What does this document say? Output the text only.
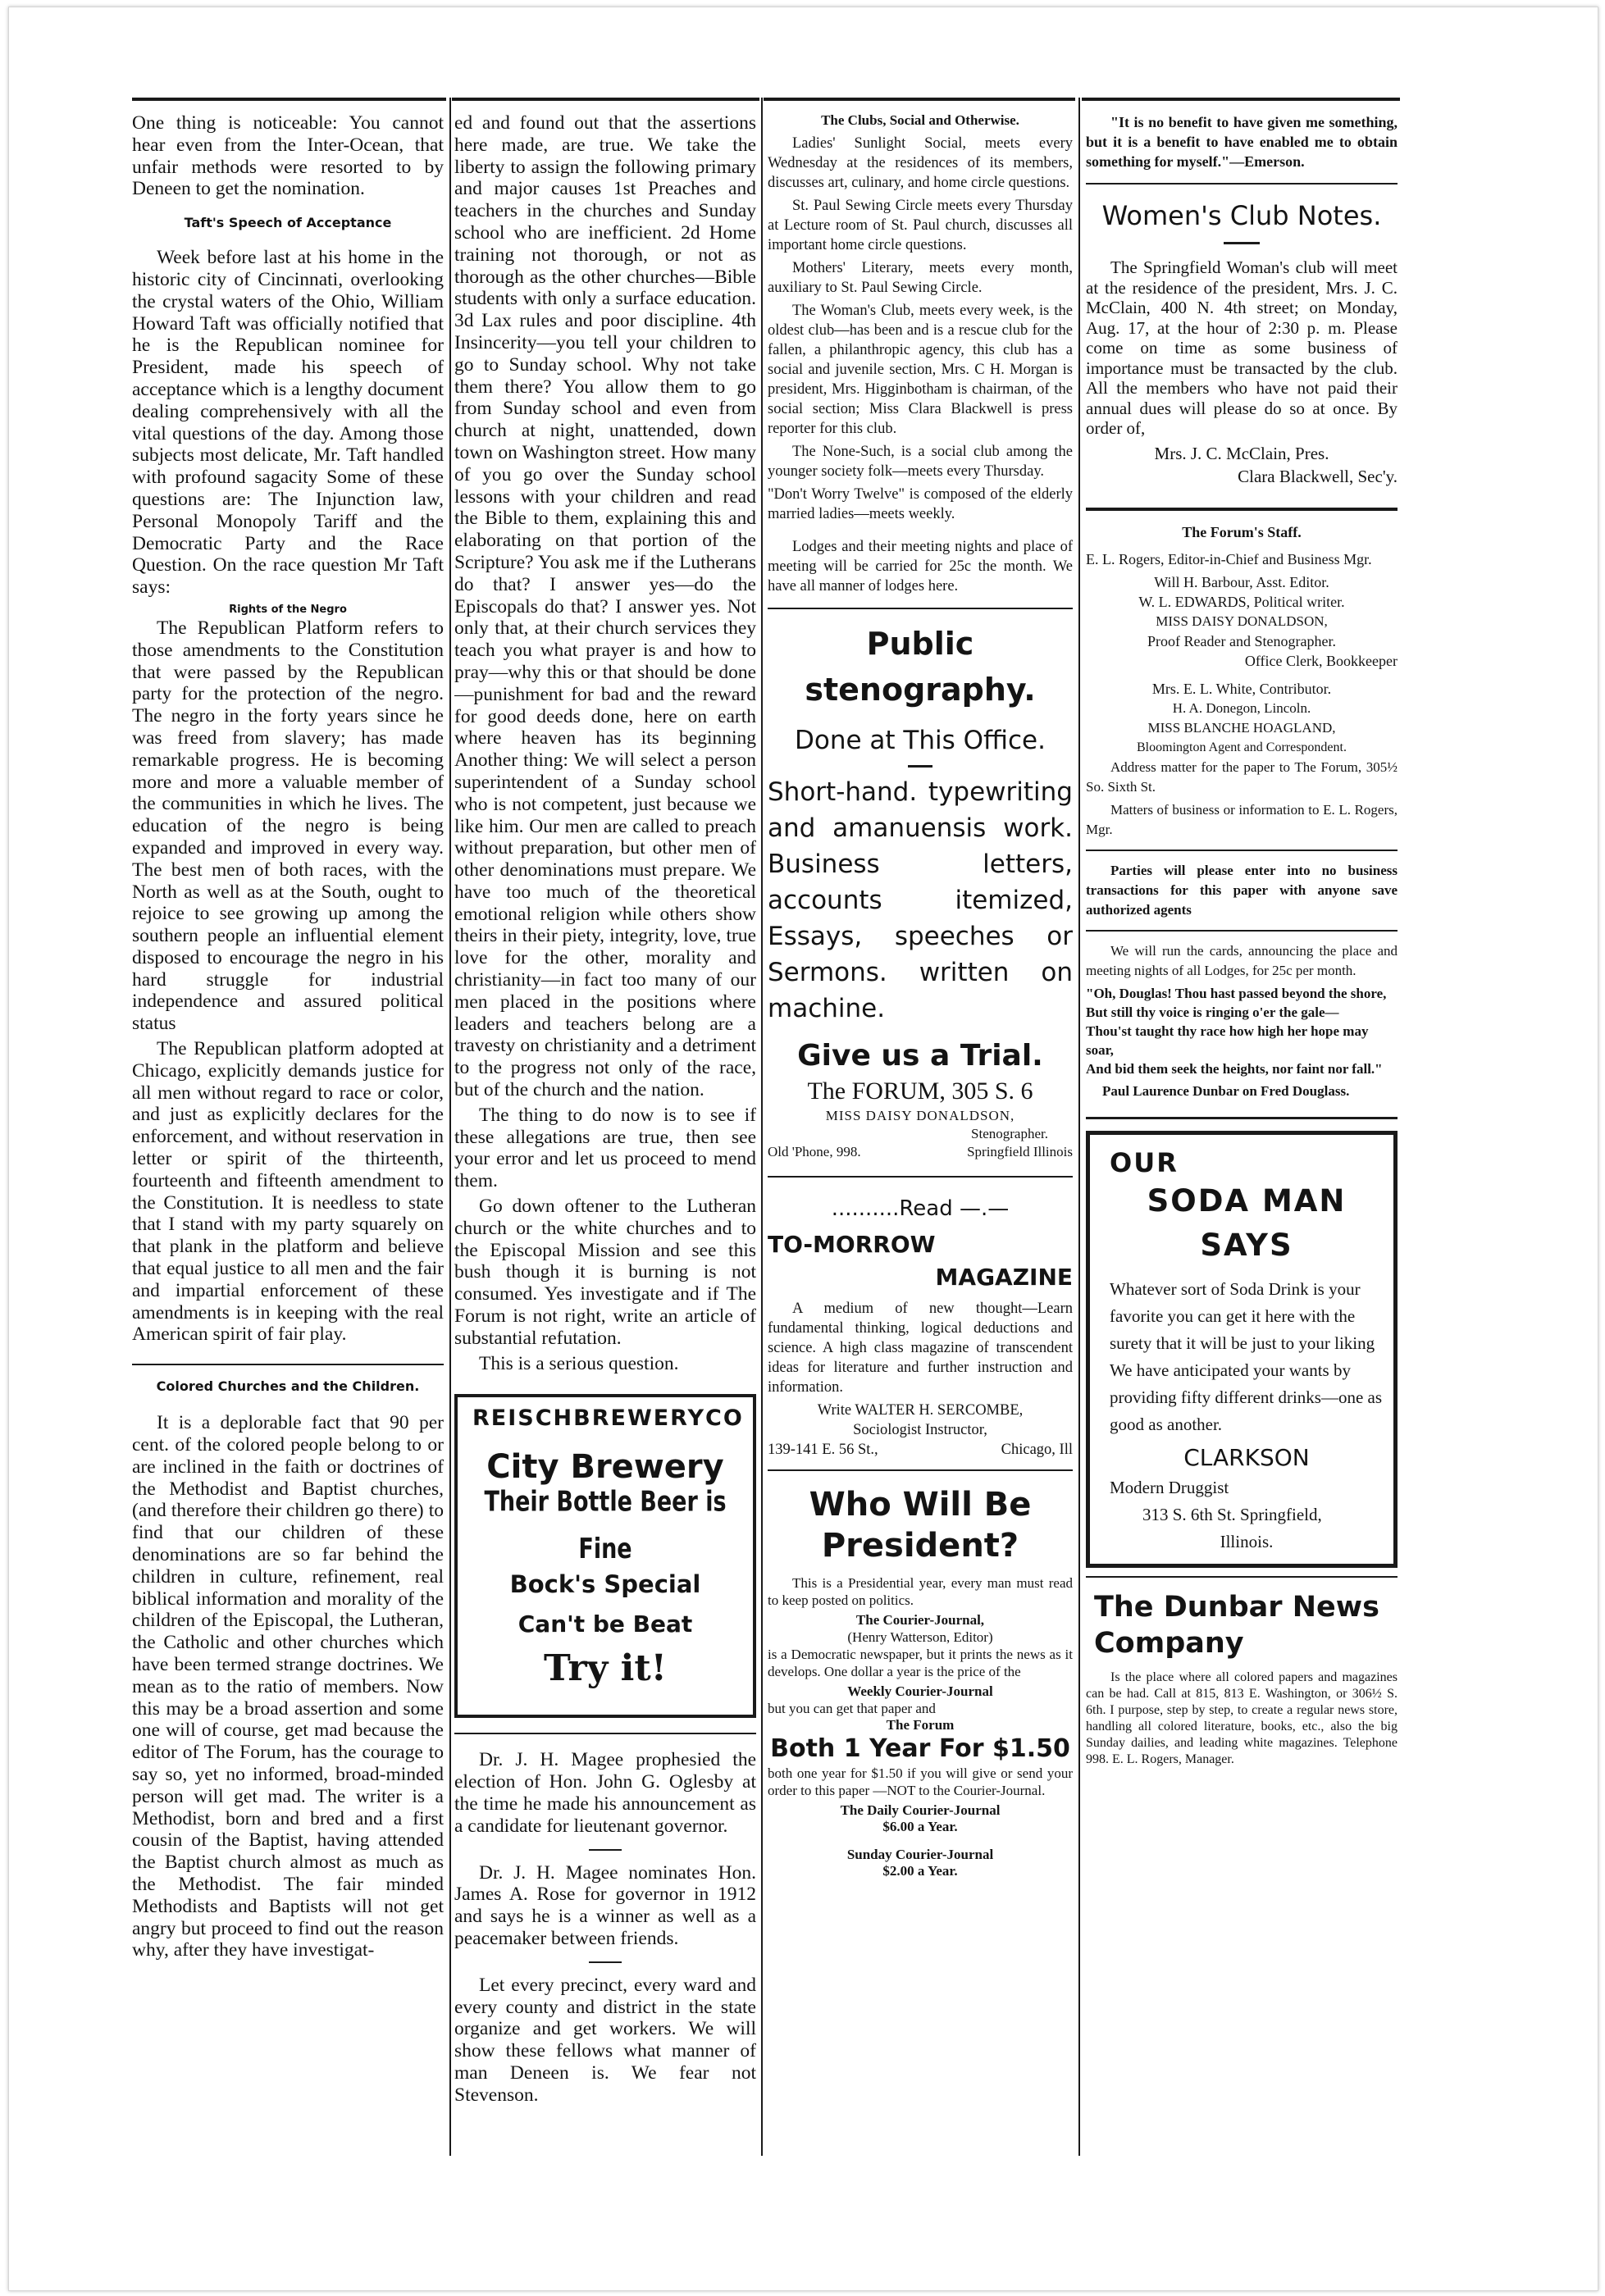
One thing is noticeable: You cannot hear even from the Inter-Ocean, that unfair methods were resorted to by Deneen to get the nomination.

Taft's Speech of Acceptance

Week before last at his home in the historic city of Cincinnati, overlooking the crystal waters of the Ohio, William Howard Taft was officially notified that he is the Republican nominee for President, made his speech of acceptance which is a lengthy document dealing comprehensively with all the vital questions of the day. Among those subjects most delicate, Mr. Taft handled with profound sagacity Some of these questions are: The Injunction law, Personal Monopoly Tariff and the Democratic Party and the Race Question. On the race question Mr Taft says:

Rights of the Negro

The Republican Platform refers to those amendments to the Constitution that were passed by the Republican party for the protection of the negro. The negro in the forty years since he was freed from slavery; has made remarkable progress. He is becoming more and more a valuable member of the communities in which he lives. The education of the negro is being expanded and improved in every way. The best men of both races, with the North as well as at the South, ought to rejoice to see growing up among the southern people an influential element disposed to encourage the negro in his hard struggle for industrial independence and assured political status

The Republican platform adopted at Chicago, explicitly demands justice for all men without regard to race or color, and just as explicitly declares for the enforcement, and without reservation in letter or spirit of the thirteenth, fourteenth and fifteenth amendment to the Constitution. It is needless to state that I stand with my party squarely on that plank in the platform and believe that equal justice to all men and the fair and impartial enforcement of these amendments is in keeping with the real American spirit of fair play.

Colored Churches and the Children.

It is a deplorable fact that 90 per cent. of the colored people belong to or are inclined in the faith or doctrines of the Methodist and Baptist churches, (and therefore their children go there) to find that our children of these denominations are so far behind the children in culture, refinement, real biblical information and morality of the children of the Episcopal, the Lutheran, the Catholic and other churches which have been termed strange doctrines. We mean as to the ratio of members. Now this may be a broad assertion and some one will of course, get mad because the editor of The Forum, has the courage to say so, yet no informed, broad-minded person will get mad. The writer is a Methodist, born and bred and a first cousin of the Baptist, having attended the Baptist church almost as much as the Methodist. The fair minded Methodists and Baptists will not get angry but proceed to find out the reason why, after they have investigat-

ed and found out that the assertions here made, are true. We take the liberty to assign the following primary and major causes 1st Preaches and teachers in the churches and Sunday school who are inefficient. 2d Home training not thorough, or not as thorough as the other churches—Bible students with only a surface education. 3d Lax rules and poor discipline. 4th Insincerity—you tell your children to go to Sunday school. Why not take them there? You allow them to go from Sunday school and even from church at night, unattended, down town on Washington street. How many of you go over the Sunday school lessons with your children and read the Bible to them, explaining this and elaborating on that portion of the Scripture? You ask me if the Lutherans do that? I answer yes—do the Episcopals do that? I answer yes. Not only that, at their church services they teach you what prayer is and how to pray—why this or that should be done—punishment for bad and the reward for good deeds done, here on earth where heaven has its beginning Another thing: We will select a person superintendent of a Sunday school who is not competent, just because we like him. Our men are called to preach without preparation, but other men of other denominations must prepare. We have too much of the theoretical emotional religion while others show theirs in their piety, integrity, love, true love for the other, morality and christianity—in fact too many of our men placed in the positions where leaders and teachers belong are a travesty on christianity and a detriment to the progress not only of the race, but of the church and the nation.

The thing to do now is to see if these allegations are true, then see your error and let us proceed to mend them.

Go down oftener to the Lutheran church or the white churches and to the Episcopal Mission and see this bush though it is burning is not consumed. Yes investigate and if The Forum is not right, write an article of substantial refutation.

This is a serious question.

REISCH BREWERY CO
City Brewery
Their Bottle Beer is Fine
Bock's Special
Can't be Beat
Try it!

Dr. J. H. Magee prophesied the election of Hon. John G. Oglesby at the time he made his announcement as a candidate for lieutenant governor.

Dr. J. H. Magee nominates Hon. James A. Rose for governor in 1912 and says he is a winner as well as a peacemaker between friends.

Let every precinct, every ward and every county and district in the state organize and get workers. We will show these fellows what manner of man Deneen is. We fear not Stevenson.

The Clubs, Social and Otherwise.

Ladies' Sunlight Social, meets every Wednesday at the residences of its members, discusses art, culinary, and home circle questions.

St. Paul Sewing Circle meets every Thursday at Lecture room of St. Paul church, discusses all important home circle questions.

Mothers' Literary, meets every month, auxiliary to St. Paul Sewing Circle.

The Woman's Club, meets every week, is the oldest club—has been and is a rescue club for the fallen, a philanthropic agency, this club has a social and juvenile section, Mrs. C H. Morgan is president, Mrs. Higginbotham is chairman, of the social section; Miss Clara Blackwell is press reporter for this club.

The None-Such, is a social club among the younger society folk—meets every Thursday.

"Don't Worry Twelve" is composed of the elderly married ladies—meets weekly.

Lodges and their meeting nights and place of meeting will be carried for 25c the month. We have all manner of lodges here.

Public stenography.
Done at This Office.
Short-hand. typewriting and amanuensis work. Business letters, accounts itemized, Essays, speeches or Sermons. written on machine.
Give us a Trial.
The FORUM, 305 S. 6
MISS DAISY DONALDSON,
Stenographer.
Old 'Phone, 998.	Springfield Illinois
..........Read —.—
TO-MORROW
MAGAZINE

A medium of new thought—Learn fundamental thinking, logical deductions and science. A high class magazine of transcendent ideas for literature and further instruction and information.

Write WALTER H. SERCOMBE,

Sociologist Instructor,

139-141 E. 56 St.,	Chicago, Ill
Who Will Be President?

This is a Presidential year, every man must read to keep posted on politics.

The Courier-Journal,
(Henry Watterson, Editor)

is a Democratic newspaper, but it prints the news as it develops. One dollar a year is the price of the

Weekly Courier-Journal

but you can get that paper and

The Forum
Both 1 Year For $1.50

both one year for $1.50 if you will give or send your order to this paper —NOT to the Courier-Journal.

The Daily Courier-Journal
$6.00 a Year.
Sunday Courier-Journal
$2.00 a Year.

"It is no benefit to have given me something, but it is a benefit to have enabled me to obtain something for myself."—Emerson.

Women's Club Notes.

The Springfield Woman's club will meet at the residence of the president, Mrs. J. C. McClain, 400 N. 4th street; on Monday, Aug. 17, at the hour of 2:30 p. m. Please come on time as some business of importance must be transacted by the club. All the members who have not paid their annual dues will please do so at once. By order of,

Mrs. J. C. McClain, Pres.
Clara Blackwell, Sec'y.
The Forum's Staff.

E. L. Rogers, Editor-in-Chief and Business Mgr.

Will H. Barbour, Asst. Editor.

W. L. EDWARDS, Political writer.

MISS DAISY DONALDSON,

Proof Reader and Stenographer.

Office Clerk, Bookkeeper

Mrs. E. L. White, Contributor.

H. A. Donegon, Lincoln.

MISS BLANCHE HOAGLAND,

Bloomington Agent and Correspondent.

Address matter for the paper to The Forum, 305½ So. Sixth St.

Matters of business or information to E. L. Rogers, Mgr.

Parties will please enter into no business transactions for this paper with anyone save authorized agents

We will run the cards, announcing the place and meeting nights of all Lodges, for 25c per month.

"Oh, Douglas! Thou hast passed beyond the shore,
But still thy voice is ringing o'er the gale—
Thou'st taught thy race how high her hope may soar,
And bid them seek the heights, nor faint nor fall."
Paul Laurence Dunbar on Fred Douglass.
OUR
SODA MAN
SAYS
Whatever sort of Soda Drink is your favorite you can get it here with the surety that it will be just to your liking We have anticipated your wants by providing fifty different drinks—one as good as another.
CLARKSON
Modern Druggist
313 S. 6th St. Springfield,
Illinois.
The Dunbar News Company

Is the place where all colored papers and magazines can be had. Call at 815, 813 E. Washington, or 306½ S. 6th. I purpose, step by step, to create a regular news store, handling all colored literature, books, etc., also the big Sunday dailies, and leading white magazines. Telephone 998. E. L. Rogers, Manager.
